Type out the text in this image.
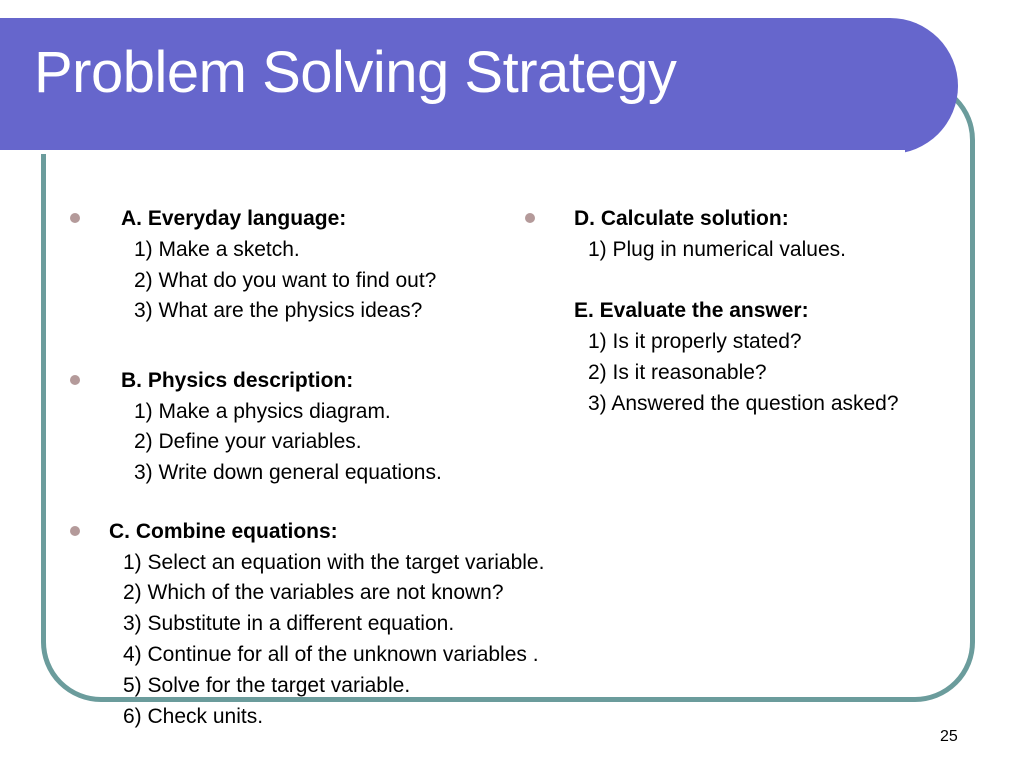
Problem Solving Strategy
A. Everyday language:
1) Make a sketch.
2) What do you want to find out?
3) What are the physics ideas?
B. Physics description:
1) Make a physics diagram.
2) Define your variables.
3) Write down general equations.
C. Combine equations:
1) Select an equation with the target variable.
2) Which of the variables are not known?
3) Substitute in a different equation.
4) Continue for all of the unknown variables .
5) Solve for the target variable.
6) Check units.
D. Calculate solution:
1) Plug in numerical values.
E. Evaluate the answer:
1) Is it properly stated?
2) Is it reasonable?
3) Answered the question asked?
25
